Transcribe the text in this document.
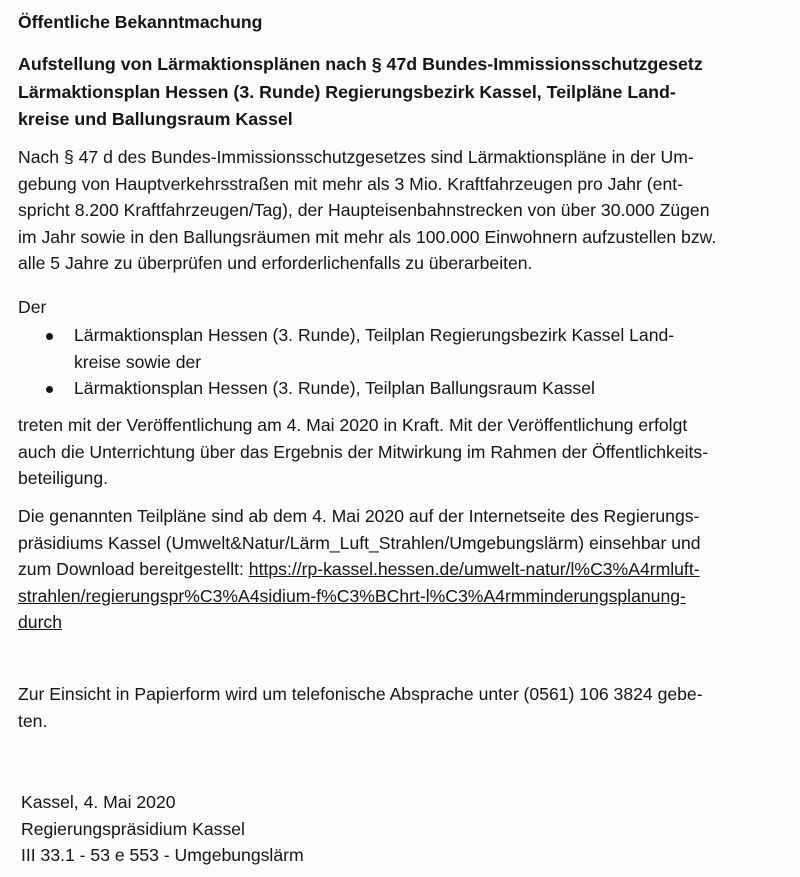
Öffentliche Bekanntmachung
Aufstellung von Lärmaktionsplänen nach § 47d Bundes-Immissionsschutzgesetz
Lärmaktionsplan Hessen (3. Runde) Regierungsbezirk Kassel, Teilpläne Land-
kreise und Ballungsraum Kassel
Nach § 47 d des Bundes-Immissionsschutzgesetzes sind Lärmaktionspläne in der Um-
gebung von Hauptverkehrsstraßen mit mehr als 3 Mio. Kraftfahrzeugen pro Jahr (ent-
spricht 8.200 Kraftfahrzeugen/Tag), der Haupteisenbahnstrecken von über 30.000 Zügen
im Jahr sowie in den Ballungsräumen mit mehr als 100.000 Einwohnern aufzustellen bzw.
alle 5 Jahre zu überprüfen und erforderlichenfalls zu überarbeiten.
Der
Lärmaktionsplan Hessen (3. Runde), Teilplan Regierungsbezirk Kassel Land-
kreise sowie der
Lärmaktionsplan Hessen (3. Runde), Teilplan Ballungsraum Kassel
treten mit der Veröffentlichung am 4. Mai 2020 in Kraft. Mit der Veröffentlichung erfolgt
auch die Unterrichtung über das Ergebnis der Mitwirkung im Rahmen der Öffentlichkeits-
beteiligung.
Die genannten Teilpläne sind ab dem 4. Mai 2020 auf der Internetseite des Regierungs-
präsidiums Kassel (Umwelt&Natur/Lärm_Luft_Strahlen/Umgebungslärm) einsehbar und
zum Download bereitgestellt: https://rp-kassel.hessen.de/umwelt-natur/l%C3%A4rmluft-
strahlen/regierungspr%C3%A4sidium-f%C3%BChrt-l%C3%A4rmminderungsplanung-
durch
Zur Einsicht in Papierform wird um telefonische Absprache unter (0561) 106 3824 gebe-
ten.
Kassel, 4. Mai 2020
Regierungspräsidium Kassel
III 33.1 - 53 e 553 - Umgebungslärm
